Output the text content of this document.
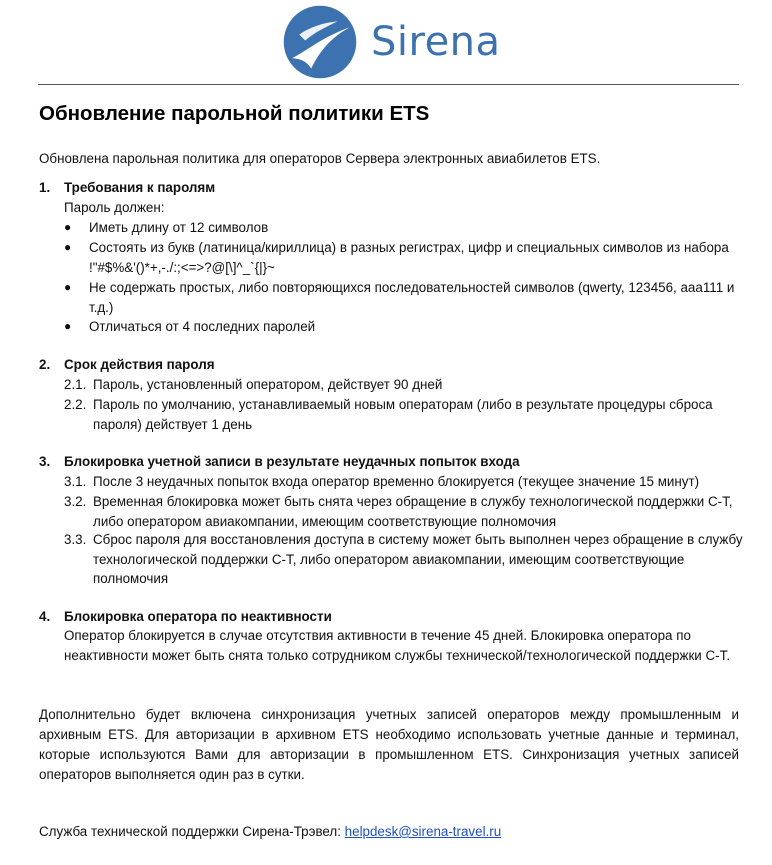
Sirena
Обновление парольной политики ETS
Обновлена парольная политика для операторов Сервера электронных авиабилетов ETS.
1. Требования к паролям
Пароль должен:
● Иметь длину от 12 символов
● Состоять из букв (латиница/кириллица) в разных регистрах, цифр и специальных символов из набора !"#$%&'()*+,-./:;<=>?@[\]^_`{|}~
● Не содержать простых, либо повторяющихся последовательностей символов (qwerty, 123456, ааа111 и т.д.)
● Отличаться от 4 последних паролей
2. Срок действия пароля
2.1. Пароль, установленный оператором, действует 90 дней
2.2. Пароль по умолчанию, устанавливаемый новым операторам (либо в результате процедуры сброса пароля) действует 1 день
3. Блокировка учетной записи в результате неудачных попыток входа
3.1. После 3 неудачных попыток входа оператор временно блокируется (текущее значение 15 минут)
3.2. Временная блокировка может быть снята через обращение в службу технологической поддержки С-Т, либо оператором авиакомпании, имеющим соответствующие полномочия
3.3. Сброс пароля для восстановления доступа в систему может быть выполнен через обращение в службу технологической поддержки С-Т, либо оператором авиакомпании, имеющим соответствующие полномочия
4. Блокировка оператора по неактивности
Оператор блокируется в случае отсутствия активности в течение 45 дней. Блокировка оператора по
неактивности может быть снята только сотрудником службы технической/технологической поддержки С-Т.
Дополнительно будет включена синхронизация учетных записей операторов между промышленным и архивным ETS. Для авторизации в архивном ETS необходимо использовать учетные данные и терминал, которые используются Вами для авторизации в промышленном ETS. Синхронизация учетных записей операторов выполняется один раз в сутки.
Служба технической поддержки Сирена-Трэвел: helpdesk@sirena-travel.ru
